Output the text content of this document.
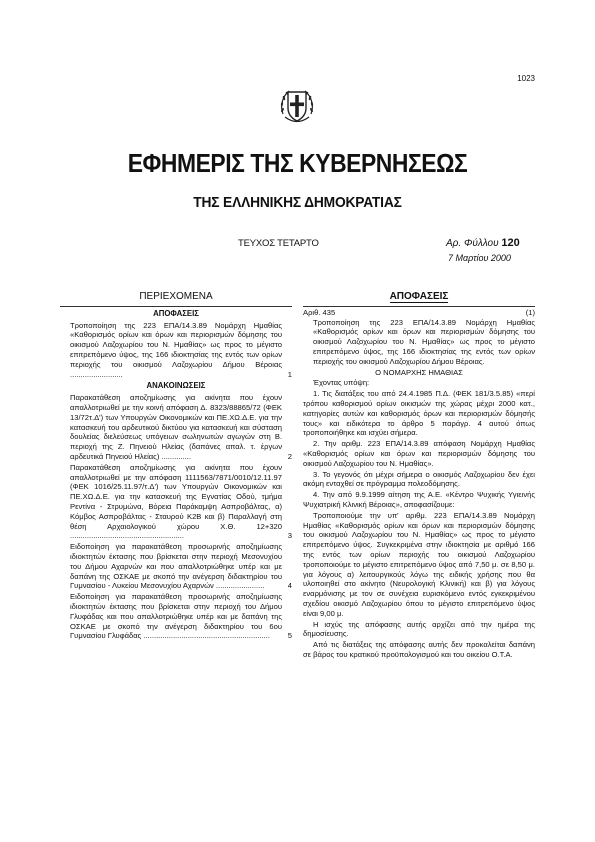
1023
ΕΦΗΜΕΡΙΣ ΤΗΣ ΚΥΒΕΡΝΗΣΕΩΣ
ΤΗΣ ΕΛΛΗΝΙΚΗΣ ΔΗΜΟΚΡΑΤΙΑΣ
ΤΕΥΧΟΣ ΤΕΤΑΡΤΟ	Αρ. Φύλλου 120
7 Μαρτίου 2000
ΠΕΡΙΕΧΟΜΕΝΑ
ΑΠΟΦΑΣΕΙΣ
Τροποποίηση της 223 ΕΠΑ/14.3.89 Νομάρχη Ημαθίας «Καθορισμός ορίων και όρων και περιορισμών δόμησης του οικισμού Λαζοχωρίου του Ν. Ημαθίας» ως προς το μέγιστο επιτρεπόμενο ύψος, της 166 ιδιοκτησίας της εντός των ορίων περιοχής του οικισμού Λαζοχωρίου Δήμου Βέροιας .........................	1
ΑΝΑΚΟΙΝΩΣΕΙΣ
Παρακατάθεση αποζημίωσης για ακίνητα που έχουν απαλλοτριωθεί με την κοινή απόφαση Δ. 8323/88865/72 (ΦΕΚ 13/72τ.Δ') των Υπουργών Οικονομικών και ΠΕ.ΧΩ.Δ.Ε. για την κατασκευή του αρδευτικού δικτύου για κατασκευή και σύσταση δουλείας διελεύσεως υπόγειων σωληνωτών αγωγών στη Β. περιοχή της Ζ. Πηνειού Ηλείας (δαπάνες απαλ. τ. έργων αρδευτικά Πηνειού Ηλείας) ..............	2
Παρακατάθεση αποζημίωσης για ακίνητα που έχουν απαλλοτριωθεί με την απόφαση 1111563/7871/0010/12.11.97 (ΦΕΚ 1016/25.11.97/τ.Δ') των Υπουργών Οικονομικών και ΠΕ.ΧΩ.Δ.Ε. για την κατασκευή της Εγνατίας Οδού, τμήμα Ρεντίνα - Στρυμώνα, Βόρεια Παράκαμψη Ασπροβάλτας, α) Κόμβος Ασπροβάλτας - Σταυρού Κ2Β και β) Παραλλαγή στη θέση Αρχαιολογικού χώρου Χ.Θ. 12+320 ......................................................	3
Ειδοποίηση για παρακατάθεση προσωρινής αποζημίωσης ιδιοκτητών έκτασης που βρίσκεται στην περιοχή Μεσονυχίου του Δήμου Αχαρνών και που απαλλοτριώθηκε υπέρ και με δαπάνη της ΟΣΚΑΕ με σκοπό την ανέγερση διδακτηρίου του Γυμνασίου - Λυκείου Μεσονυχίου Αχαρνών .......................	4
Ειδοποίηση για παρακατάθεση προσωρινής αποζημίωσης ιδιοκτητών έκτασης που βρίσκεται στην περιοχή του Δήμου Γλυφάδας και που απαλλοτριώθηκε υπέρ και με δαπάνη της ΟΣΚΑΕ με σκοπό την ανέγερση διδακτηρίου του 6ου Γυμνασίου Γλυφάδας ............................................................ 5
ΑΠΟΦΑΣΕΙΣ
Αριθ. 435	(1)
Τροποποίηση της 223 ΕΠΑ/14.3.89 Νομάρχη Ημαθίας «Καθορισμός ορίων και όρων και περιορισμών δόμησης του οικισμού Λαζοχωρίου του Ν. Ημαθίας» ως προς το μέγιστο επιτρεπόμενο ύψος, της 166 ιδιοκτησίας της εντός των ορίων περιοχής του οικισμού Λαζοχωρίου Δήμου Βέροιας.
Ο ΝΟΜΑΡΧΗΣ ΗΜΑΘΙΑΣ
Έχοντας υπόψη:
1. Τις διατάξεις του από 24.4.1985 Π.Δ. (ΦΕΚ 181/3.5.85) «περί τρόπου καθορισμού ορίων οικισμών της χώρας μέχρι 2000 κατ., κατηγορίες αυτών και καθορισμός όρων και περιορισμών δόμησής τους» και ειδικότερα το άρθρο 5 παράγρ. 4 αυτού όπως τροποποιήθηκε και ισχύει σήμερα.
2. Την αριθμ. 223 ΕΠΑ/14.3.89 απόφαση Νομάρχη Ημαθίας «Καθορισμός ορίων και όρων και περιορισμών δόμησης του οικισμού Λαζοχωρίου του Ν. Ημαθίας».
3. Το γεγονός ότι μέχρι σήμερα ο οικισμός Λαζοχωρίου δεν έχει ακόμη ενταχθεί σε πρόγραμμα πολεοδόμησης.
4. Την από 9.9.1999 αίτηση της Α.Ε. «Κέντρο Ψυχικής Υγιεινής Ψυχιατρική Κλινική Βέροιας», αποφασίζουμε:
Τροποποιούμε την υπ' αριθμ. 223 ΕΠΑ/14.3.89 Νομάρχη Ημαθίας «Καθορισμός ορίων και όρων και περιορισμών δόμησης του οικισμού Λαζοχωρίου του Ν. Ημαθίας» ως προς το μέγιστο επιτρεπόμενο ύψος. Συγκεκριμένα στην ιδιοκτησία με αριθμό 166 της εντός των ορίων περιοχής του οικισμού Λαζοχωρίου τροποποιούμε το μέγιστο επιτρεπόμενο ύψος από 7,50 μ. σε 8,50 μ. για λόγους α) λειτουργικούς λόγω της ειδικής χρήσης που θα υλοποιηθεί στο ακίνητο (Νευρολογική Κλινική) και β) για λόγους εναρμόνισης με τον σε συνέχεια ευρισκόμενο εντός εγκεκριμένου σχεδίου οικισμό Λαζοχωρίου όπου το μέγιστο επιτρεπόμενο ύψος είναι 9,00 μ.
Η ισχύς της απόφασης αυτής αρχίζει από την ημέρα της δημοσίευσης.
Από τις διατάξεις της απόφασης αυτής δεν προκαλείται δαπάνη σε βάρος του κρατικού προϋπολογισμού και του οικείου Ο.Τ.Α.
